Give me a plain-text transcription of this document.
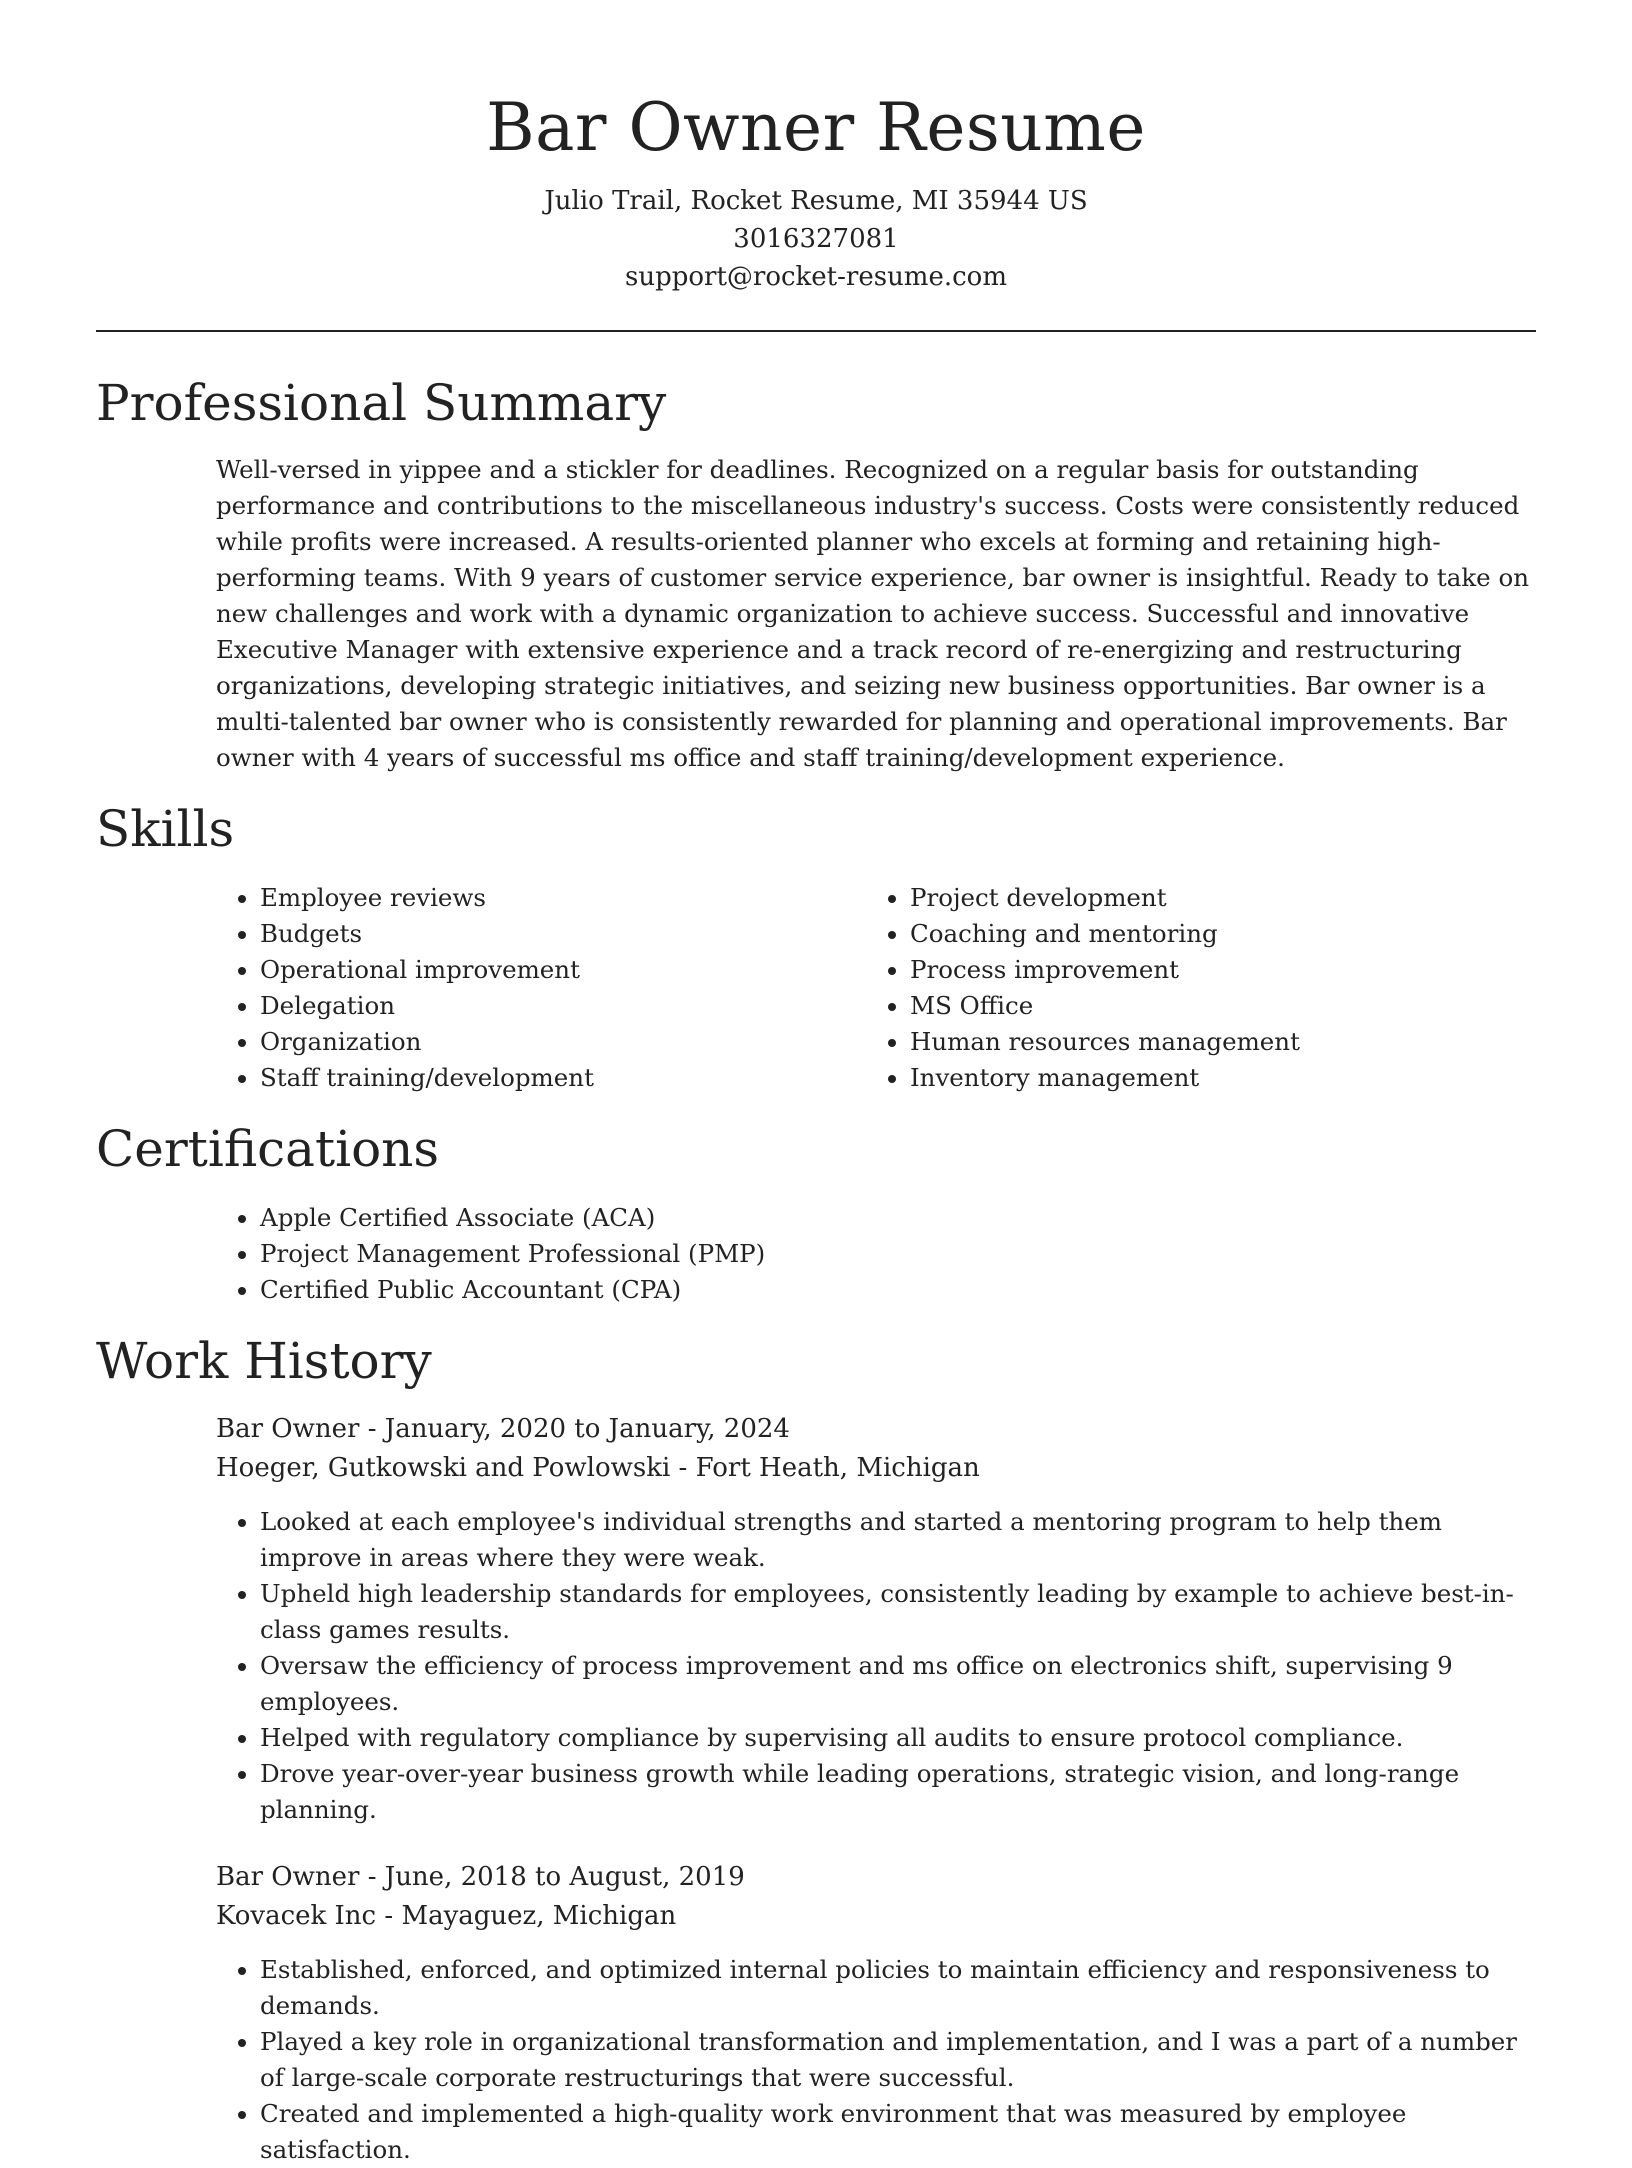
Bar Owner Resume
Julio Trail, Rocket Resume, MI 35944 US
3016327081
support@rocket-resume.com
Professional Summary
Well-versed in yippee and a stickler for deadlines. Recognized on a regular basis for outstanding performance and contributions to the miscellaneous industry's success. Costs were consistently reduced while profits were increased. A results-oriented planner who excels at forming and retaining high-performing teams. With 9 years of customer service experience, bar owner is insightful. Ready to take on new challenges and work with a dynamic organization to achieve success. Successful and innovative Executive Manager with extensive experience and a track record of re-energizing and restructuring organizations, developing strategic initiatives, and seizing new business opportunities. Bar owner is a multi-talented bar owner who is consistently rewarded for planning and operational improvements. Bar owner with 4 years of successful ms office and staff training/development experience.
Skills
• Employee reviews
• Budgets
• Operational improvement
• Delegation
• Organization
• Staff training/development
• Project development
• Coaching and mentoring
• Process improvement
• MS Office
• Human resources management
• Inventory management
Certifications
• Apple Certified Associate (ACA)
• Project Management Professional (PMP)
• Certified Public Accountant (CPA)
Work History
Bar Owner - January, 2020 to January, 2024
Hoeger, Gutkowski and Powlowski - Fort Heath, Michigan
• Looked at each employee's individual strengths and started a mentoring program to help them improve in areas where they were weak.
• Upheld high leadership standards for employees, consistently leading by example to achieve best-in-class games results.
• Oversaw the efficiency of process improvement and ms office on electronics shift, supervising 9 employees.
• Helped with regulatory compliance by supervising all audits to ensure protocol compliance.
• Drove year-over-year business growth while leading operations, strategic vision, and long-range planning.
Bar Owner - June, 2018 to August, 2019
Kovacek Inc - Mayaguez, Michigan
• Established, enforced, and optimized internal policies to maintain efficiency and responsiveness to demands.
• Played a key role in organizational transformation and implementation, and I was a part of a number of large-scale corporate restructurings that were successful.
• Created and implemented a high-quality work environment that was measured by employee satisfaction.
